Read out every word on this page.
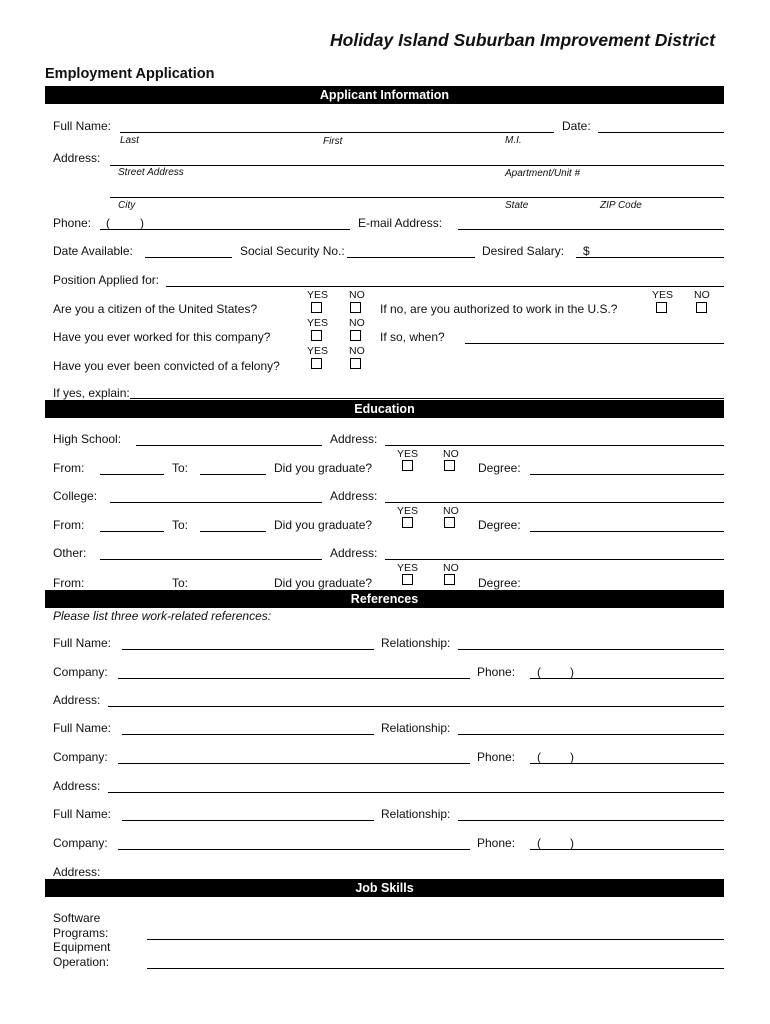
Holiday Island Suburban Improvement District
Employment Application
Applicant Information
Full Name:	Date:
Last	First	M.I.
Address:
Street Address	Apartment/Unit #
City	State	ZIP Code
Phone: (	)	E-mail Address:
Date Available:	Social Security No.:	Desired Salary: $
Position Applied for:
YES NO
Are you a citizen of the United States?	If no, are you authorized to work in the U.S.?
YES NO
YES NO
Have you ever worked for this company?	If so, when?
YES NO
Have you ever been convicted of a felony?
If yes, explain:
Education
High School:	Address:
YES NO
From:	To:	Did you graduate?	Degree:
College:	Address:
YES NO
From:	To:	Did you graduate?	Degree:
Other:	Address:
YES NO
From:	To:	Did you graduate?	Degree:
References
Please list three work-related references:
Full Name:	Relationship:
Company:	Phone: ( )
Address:
Full Name:	Relationship:
Company:	Phone: ( )
Address:
Full Name:	Relationship:
Company:	Phone: ( )
Address:
Job Skills
Software
Programs:
Equipment
Operation:
